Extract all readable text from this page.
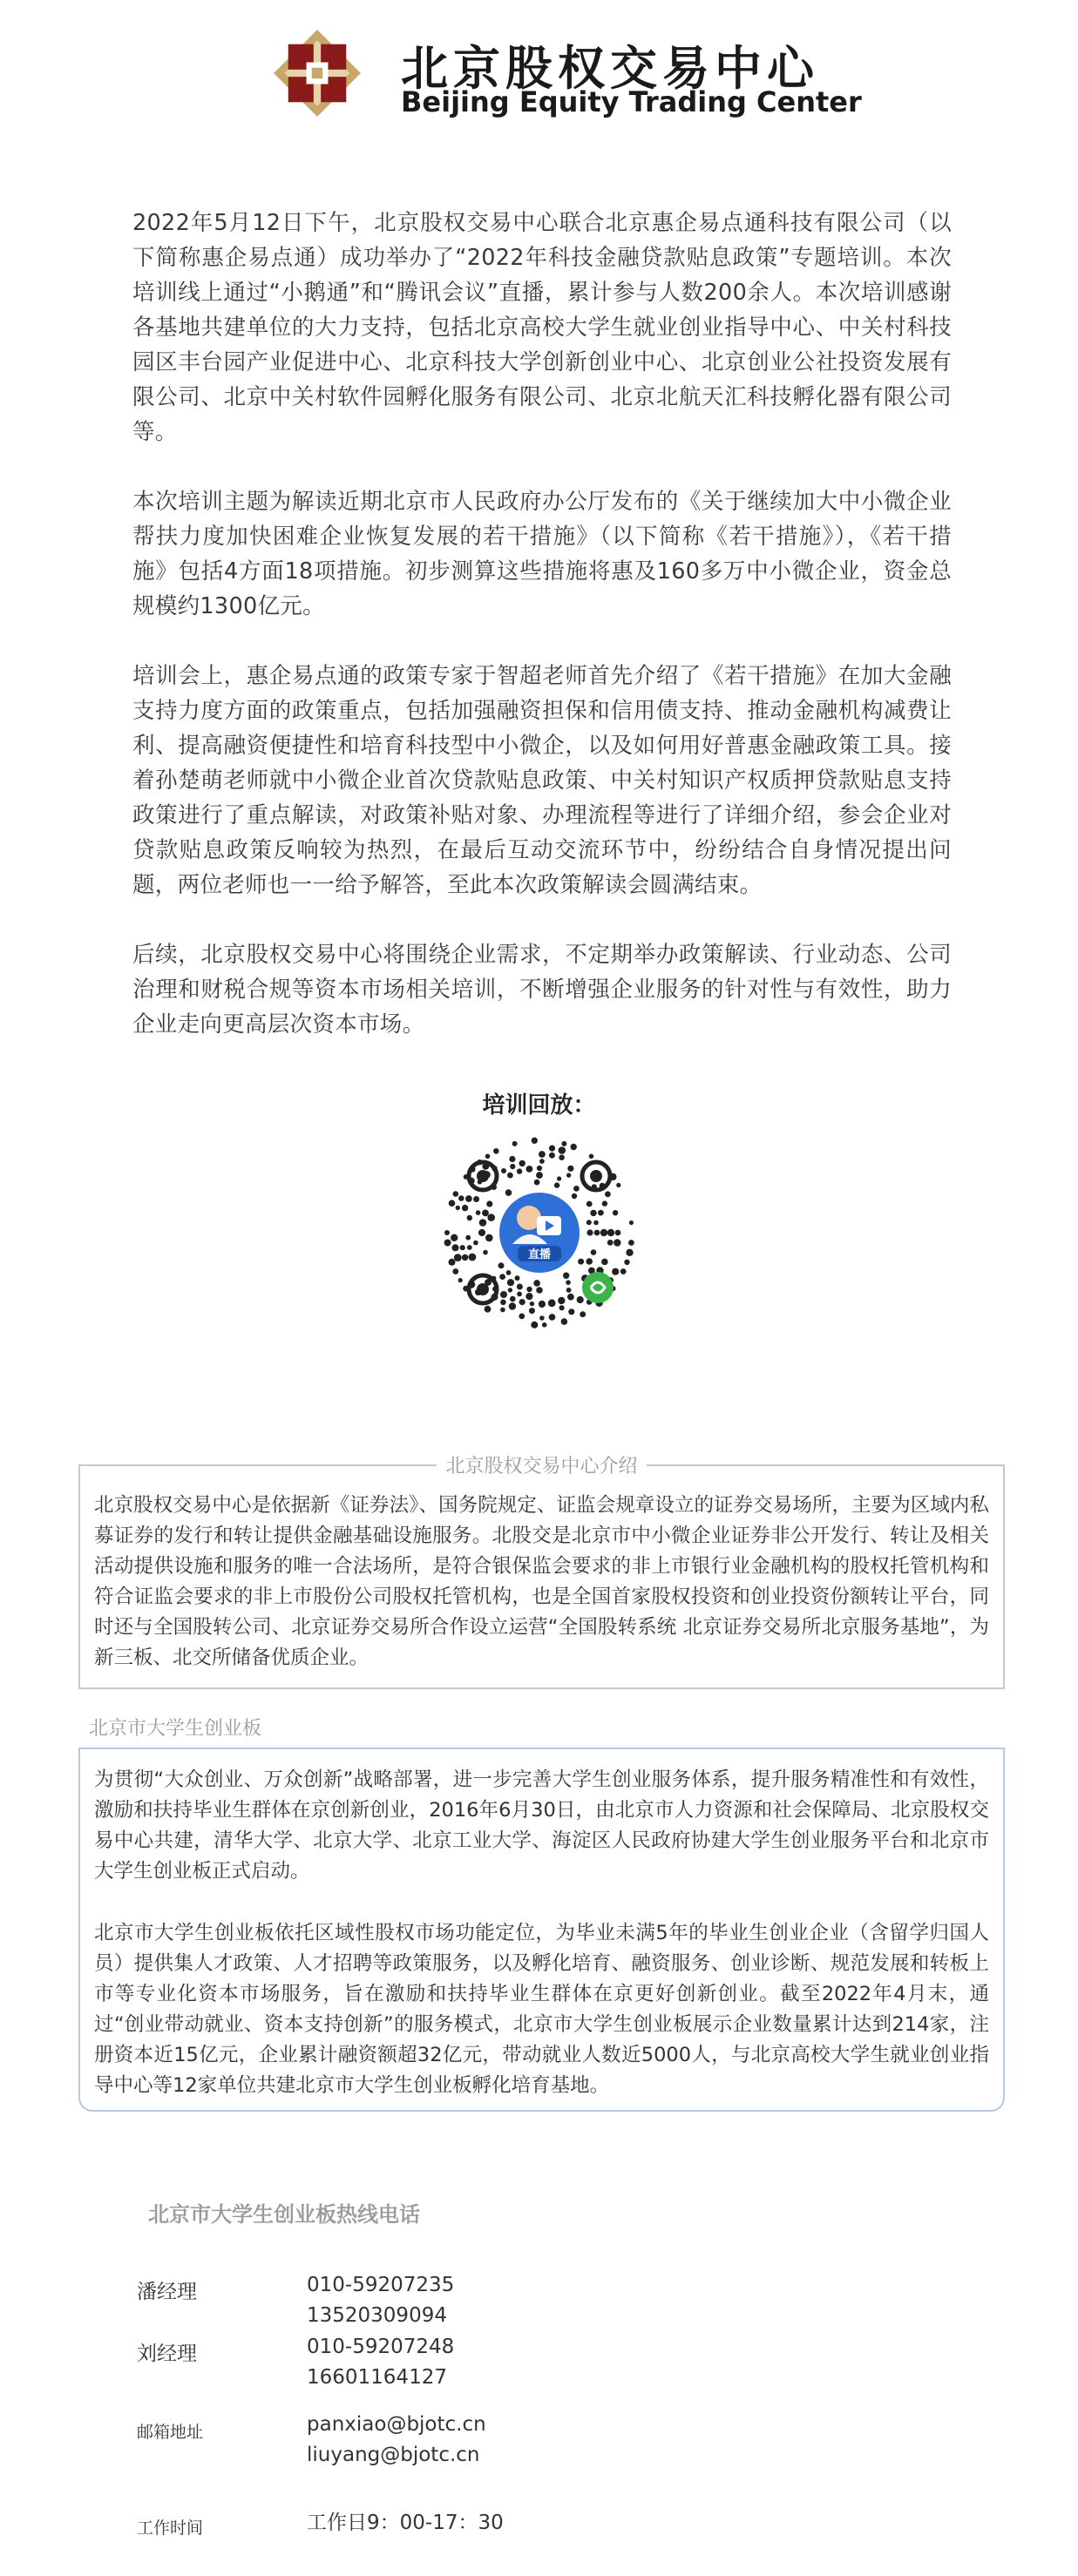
北京股权交易中心
Beijing Equity Trading Center

2022年5月12日下午，北京股权交易中心联合北京惠企易点通科技有限公司（以下简称惠企易点通）成功举办了“2022年科技金融贷款贴息政策”专题培训。本次培训线上通过“小鹅通”和“腾讯会议”直播，累计参与人数200余人。本次培训感谢各基地共建单位的大力支持，包括北京高校大学生就业创业指导中心、中关村科技园区丰台园产业促进中心、北京科技大学创新创业中心、北京创业公社投资发展有限公司、北京中关村软件园孵化服务有限公司、北京北航天汇科技孵化器有限公司等。

本次培训主题为解读近期北京市人民政府办公厅发布的《关于继续加大中小微企业帮扶力度加快困难企业恢复发展的若干措施》（以下简称《若干措施》），《若干措施》包括4方面18项措施。初步测算这些措施将惠及160多万中小微企业，资金总规模约1300亿元。

培训会上，惠企易点通的政策专家于智超老师首先介绍了《若干措施》在加大金融支持力度方面的政策重点，包括加强融资担保和信用债支持、推动金融机构减费让利、提高融资便捷性和培育科技型中小微企，以及如何用好普惠金融政策工具。接着孙楚萌老师就中小微企业首次贷款贴息政策、中关村知识产权质押贷款贴息支持政策进行了重点解读，对政策补贴对象、办理流程等进行了详细介绍，参会企业对贷款贴息政策反响较为热烈，在最后互动交流环节中，纷纷结合自身情况提出问题，两位老师也一一给予解答，至此本次政策解读会圆满结束。

后续，北京股权交易中心将围绕企业需求，不定期举办政策解读、行业动态、公司治理和财税合规等资本市场相关培训，不断增强企业服务的针对性与有效性，助力企业走向更高层次资本市场。

培训回放：
直播
北京股权交易中心介绍
北京股权交易中心是依据新《证券法》、国务院规定、证监会规章设立的证券交易场所，主要为区域内私募证券的发行和转让提供金融基础设施服务。北股交是北京市中小微企业证券非公开发行、转让及相关活动提供设施和服务的唯一合法场所，是符合银保监会要求的非上市银行业金融机构的股权托管机构和符合证监会要求的非上市股份公司股权托管机构，也是全国首家股权投资和创业投资份额转让平台，同时还与全国股转公司、北京证券交易所合作设立运营“全国股转系统 北京证券交易所北京服务基地”，为新三板、北交所储备优质企业。
北京市大学生创业板

为贯彻“大众创业、万众创新”战略部署，进一步完善大学生创业服务体系，提升服务精准性和有效性，激励和扶持毕业生群体在京创新创业，2016年6月30日，由北京市人力资源和社会保障局、北京股权交易中心共建，清华大学、北京大学、北京工业大学、海淀区人民政府协建大学生创业服务平台和北京市大学生创业板正式启动。

北京市大学生创业板依托区域性股权市场功能定位，为毕业未满5年的毕业生创业企业（含留学归国人员）提供集人才政策、人才招聘等政策服务，以及孵化培育、融资服务、创业诊断、规范发展和转板上市等专业化资本市场服务，旨在激励和扶持毕业生群体在京更好创新创业。截至2022年4月末，通过“创业带动就业、资本支持创新”的服务模式，北京市大学生创业板展示企业数量累计达到214家，注册资本近15亿元，企业累计融资额超32亿元，带动就业人数近5000人，与北京高校大学生就业创业指导中心等12家单位共建北京市大学生创业板孵化培育基地。

北京市大学生创业板热线电话
潘经理	010-59207235
13520309094
刘经理	010-59207248
16601164127
邮箱地址	panxiao@bjotc.cn
liuyang@bjotc.cn
工作时间	工作日9：00-17：30
